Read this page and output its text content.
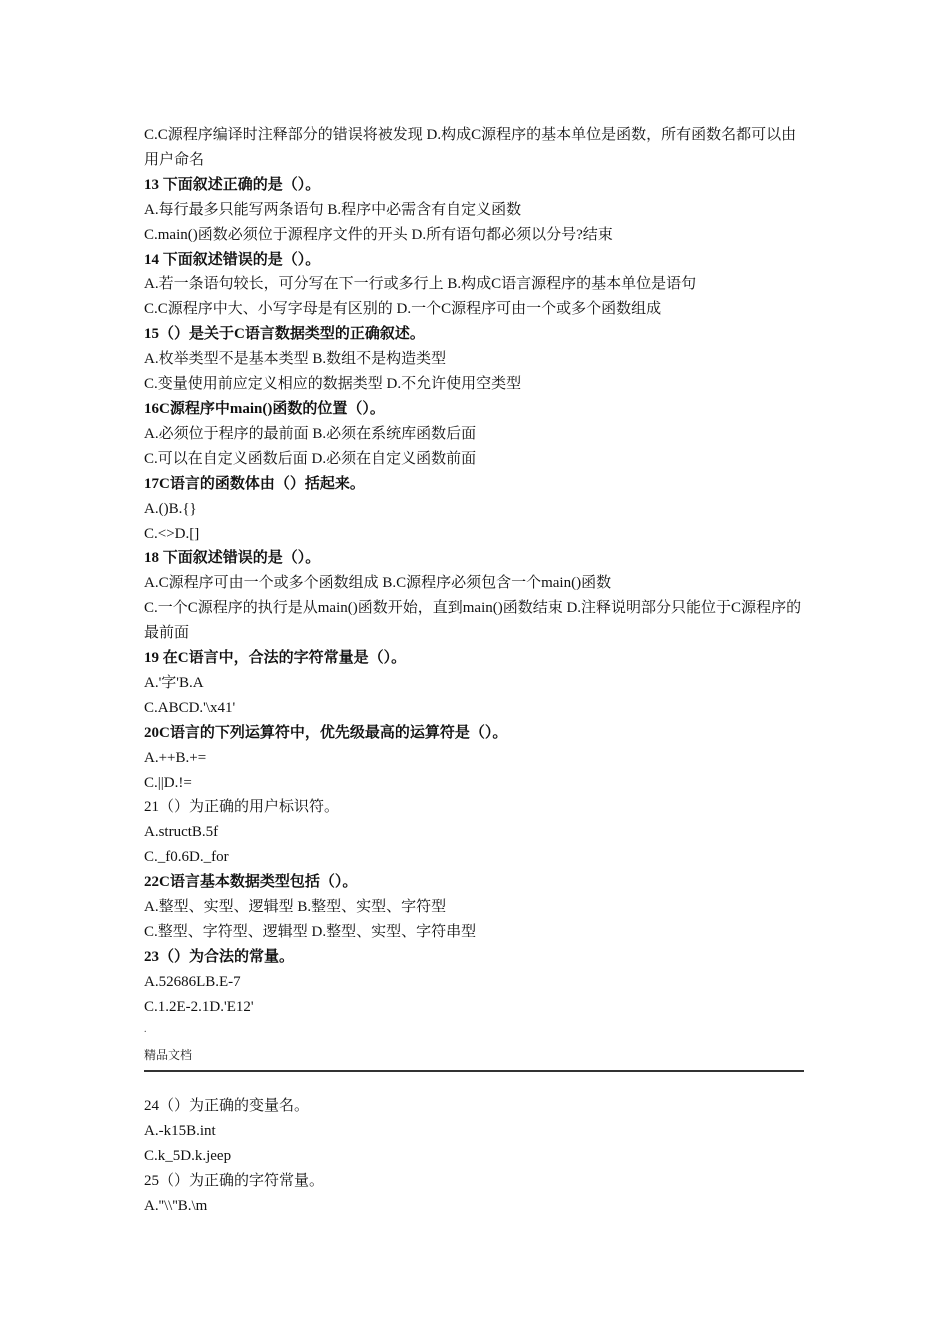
C.C源程序编译时注释部分的错误将被发现 D.构成C源程序的基本单位是函数，所有函数名都可以由用户命名
13 下面叙述正确的是（）。
A.每行最多只能写两条语句 B.程序中必需含有自定义函数
C.main()函数必须位于源程序文件的开头 D.所有语句都必须以分号?结束
14 下面叙述错误的是（）。
A.若一条语句较长，可分写在下一行或多行上 B.构成C语言源程序的基本单位是语句
C.C源程序中大、小写字母是有区别的 D.一个C源程序可由一个或多个函数组成
15（）是关于C语言数据类型的正确叙述。
A.枚举类型不是基本类型 B.数组不是构造类型
C.变量使用前应定义相应的数据类型 D.不允许使用空类型
16C源程序中main()函数的位置（）。
A.必须位于程序的最前面 B.必须在系统库函数后面
C.可以在自定义函数后面 D.必须在自定义函数前面
17C语言的函数体由（）括起来。
A.()B.{}
C.<>D.[]
18 下面叙述错误的是（）。
A.C源程序可由一个或多个函数组成 B.C源程序必须包含一个main()函数
C.一个C源程序的执行是从main()函数开始，直到main()函数结束 D.注释说明部分只能位于C源程序的最前面
19 在C语言中，合法的字符常量是（）。
A.'字'B.A
C.ABCD.'\x41'
20C语言的下列运算符中，优先级最高的运算符是（）。
A.++B.+=
C.||D.!=
21（）为正确的用户标识符。
A.structB.5f
C._f0.6D._for
22C语言基本数据类型包括（）。
A.整型、实型、逻辑型 B.整型、实型、字符型
C.整型、字符型、逻辑型 D.整型、实型、字符串型
23（）为合法的常量。
A.52686LB.E-7
C.1.2E-2.1D.'E12'
.
精品文档
24（）为正确的变量名。
A.-k15B.int
C.k_5D.k.jeep
25（）为正确的字符常量。
A.''\\''B.\m
